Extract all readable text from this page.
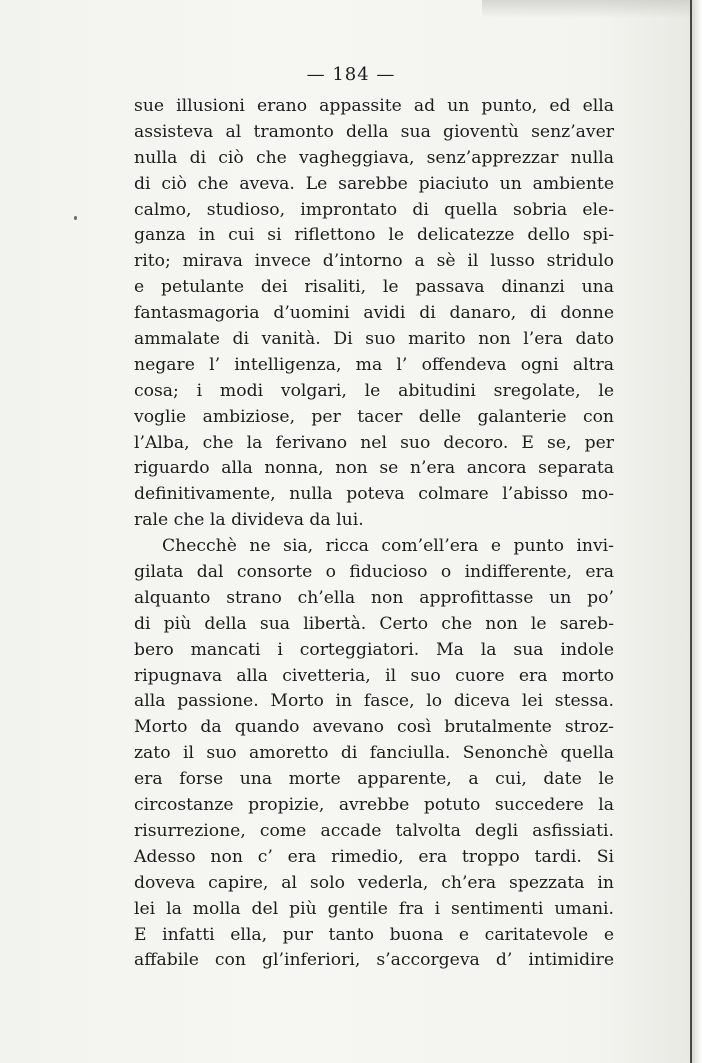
— 184 —
sue illusioni erano appassite ad un punto, ed ella
assisteva al tramonto della sua gioventù senz’aver
nulla di ciò che vagheggiava, senz’apprezzar nulla
di ciò che aveva. Le sarebbe piaciuto un ambiente
calmo, studioso, improntato di quella sobria ele-
ganza in cui si riflettono le delicatezze dello spi-
rito; mirava invece d’intorno a sè il lusso stridulo
e petulante dei risaliti, le passava dinanzi una
fantasmagoria d’uomini avidi di danaro, di donne
ammalate di vanità. Di suo marito non l’era dato
negare l’ intelligenza, ma l’ offendeva ogni altra
cosa; i modi volgari, le abitudini sregolate, le
voglie ambiziose, per tacer delle galanterie con
l’Alba, che la ferivano nel suo decoro. E se, per
riguardo alla nonna, non se n’era ancora separata
definitivamente, nulla poteva colmare l’abisso mo-
rale che la divideva da lui.
Checchè ne sia, ricca com’ell’era e punto invi-
gilata dal consorte o fiducioso o indifferente, era
alquanto strano ch’ella non approfittasse un po’
di più della sua libertà. Certo che non le sareb-
bero mancati i corteggiatori. Ma la sua indole
ripugnava alla civetteria, il suo cuore era morto
alla passione. Morto in fasce, lo diceva lei stessa.
Morto da quando avevano così brutalmente stroz-
zato il suo amoretto di fanciulla. Senonchè quella
era forse una morte apparente, a cui, date le
circostanze propizie, avrebbe potuto succedere la
risurrezione, come accade talvolta degli asfissiati.
Adesso non c’ era rimedio, era troppo tardi. Si
doveva capire, al solo vederla, ch’era spezzata in
lei la molla del più gentile fra i sentimenti umani.
E infatti ella, pur tanto buona e caritatevole e
affabile con gl’inferiori, s’accorgeva d’ intimidire
